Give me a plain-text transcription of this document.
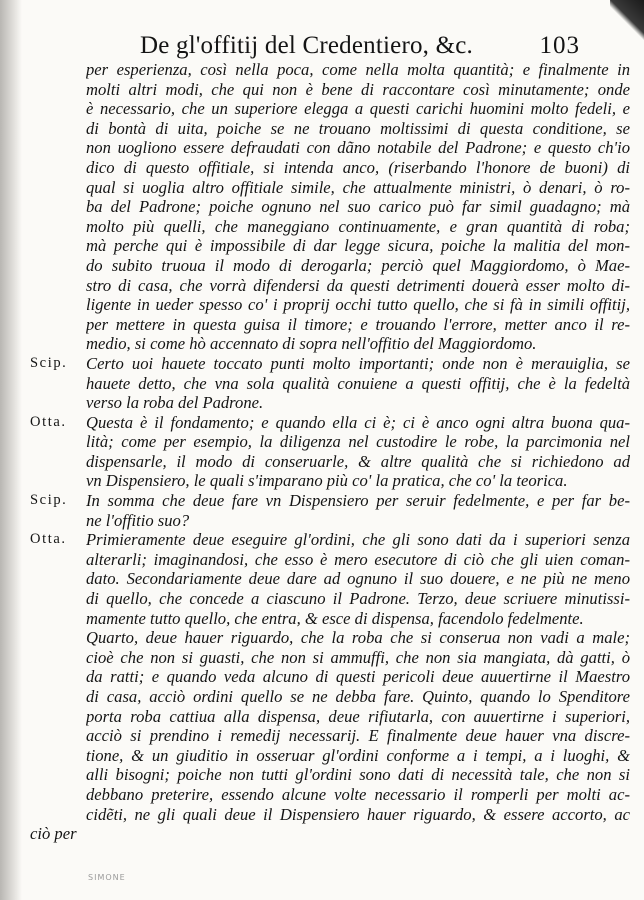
De gl'offitij del Credentiero, &c.	103
per esperienza, così nella poca, come nella molta quantità; e finalmente in
molti altri modi, che qui non è bene di raccontare così minutamente; onde
è necessario, che un superiore elegga a questi carichi huomini molto fedeli, e
di bontà di uita, poiche se ne trouano moltissimi di questa conditione, se
non uogliono essere defraudati con dãno notabile del Padrone; e questo ch'io
dico di questo offitiale, si intenda anco, (riserbando l'honore de buoni) di
qual si uoglia altro offitiale simile, che attualmente ministri, ò denari, ò ro-
ba del Padrone; poiche ognuno nel suo carico può far simil guadagno; mà
molto più quelli, che maneggiano continuamente, e gran quantità di roba;
mà perche qui è impossibile di dar legge sicura, poiche la malitia del mon-
do subito truoua il modo di derogarla; perciò quel Maggiordomo, ò Mae-
stro di casa, che vorrà difendersi da questi detrimenti douerà esser molto di-
ligente in ueder spesso co' i proprij occhi tutto quello, che si fà in simili offitij,
per mettere in questa guisa il timore; e trouando l'errore, metter anco il re-
medio, si come hò accennato di sopra nell'offitio del Maggiordomo.
Scip.	Certo uoi hauete toccato punti molto importanti; onde non è merauiglia, se
hauete detto, che vna sola qualità conuiene a questi offitij, che è la fedeltà
verso la roba del Padrone.
Otta.	Questa è il fondamento; e quando ella ci è; ci è anco ogni altra buona qua-
lità; come per esempio, la diligenza nel custodire le robe, la parcimonia nel
dispensarle, il modo di conseruarle, & altre qualità che si richiedono ad
vn Dispensiero, le quali s'imparano più co' la pratica, che co' la teorica.
Scip.	In somma che deue fare vn Dispensiero per seruir fedelmente, e per far be-
ne l'offitio suo?
Otta.	Primieramente deue eseguire gl'ordini, che gli sono dati da i superiori senza
alterarli; imaginandosi, che esso è mero esecutore di ciò che gli uien coman-
dato. Secondariamente deue dare ad ognuno il suo douere, e ne più ne meno
di quello, che concede a ciascuno il Padrone. Terzo, deue scriuere minutissi-
mamente tutto quello, che entra, & esce di dispensa, facendolo fedelmente.
Quarto, deue hauer riguardo, che la roba che si conserua non vadi a male;
cioè che non si guasti, che non si ammuffi, che non sia mangiata, dà gatti, ò
da ratti; e quando veda alcuno di questi pericoli deue auuertirne il Maestro
di casa, acciò ordini quello se ne debba fare. Quinto, quando lo Spenditore
porta roba cattiua alla dispensa, deue rifiutarla, con auuertirne i superiori,
acciò si prendino i remedij necessarij. E finalmente deue hauer vna discre-
tione, & un giuditio in osseruar gl'ordini conforme a i tempi, a i luoghi, &
alli bisogni; poiche non tutti gl'ordini sono dati di necessità tale, che non si
debbano preterire, essendo alcune volte necessario il romperli per molti ac-
cidẽti, ne gli quali deue il Dispensiero hauer riguardo, & essere accorto, ac
ciò per
SIMONE
